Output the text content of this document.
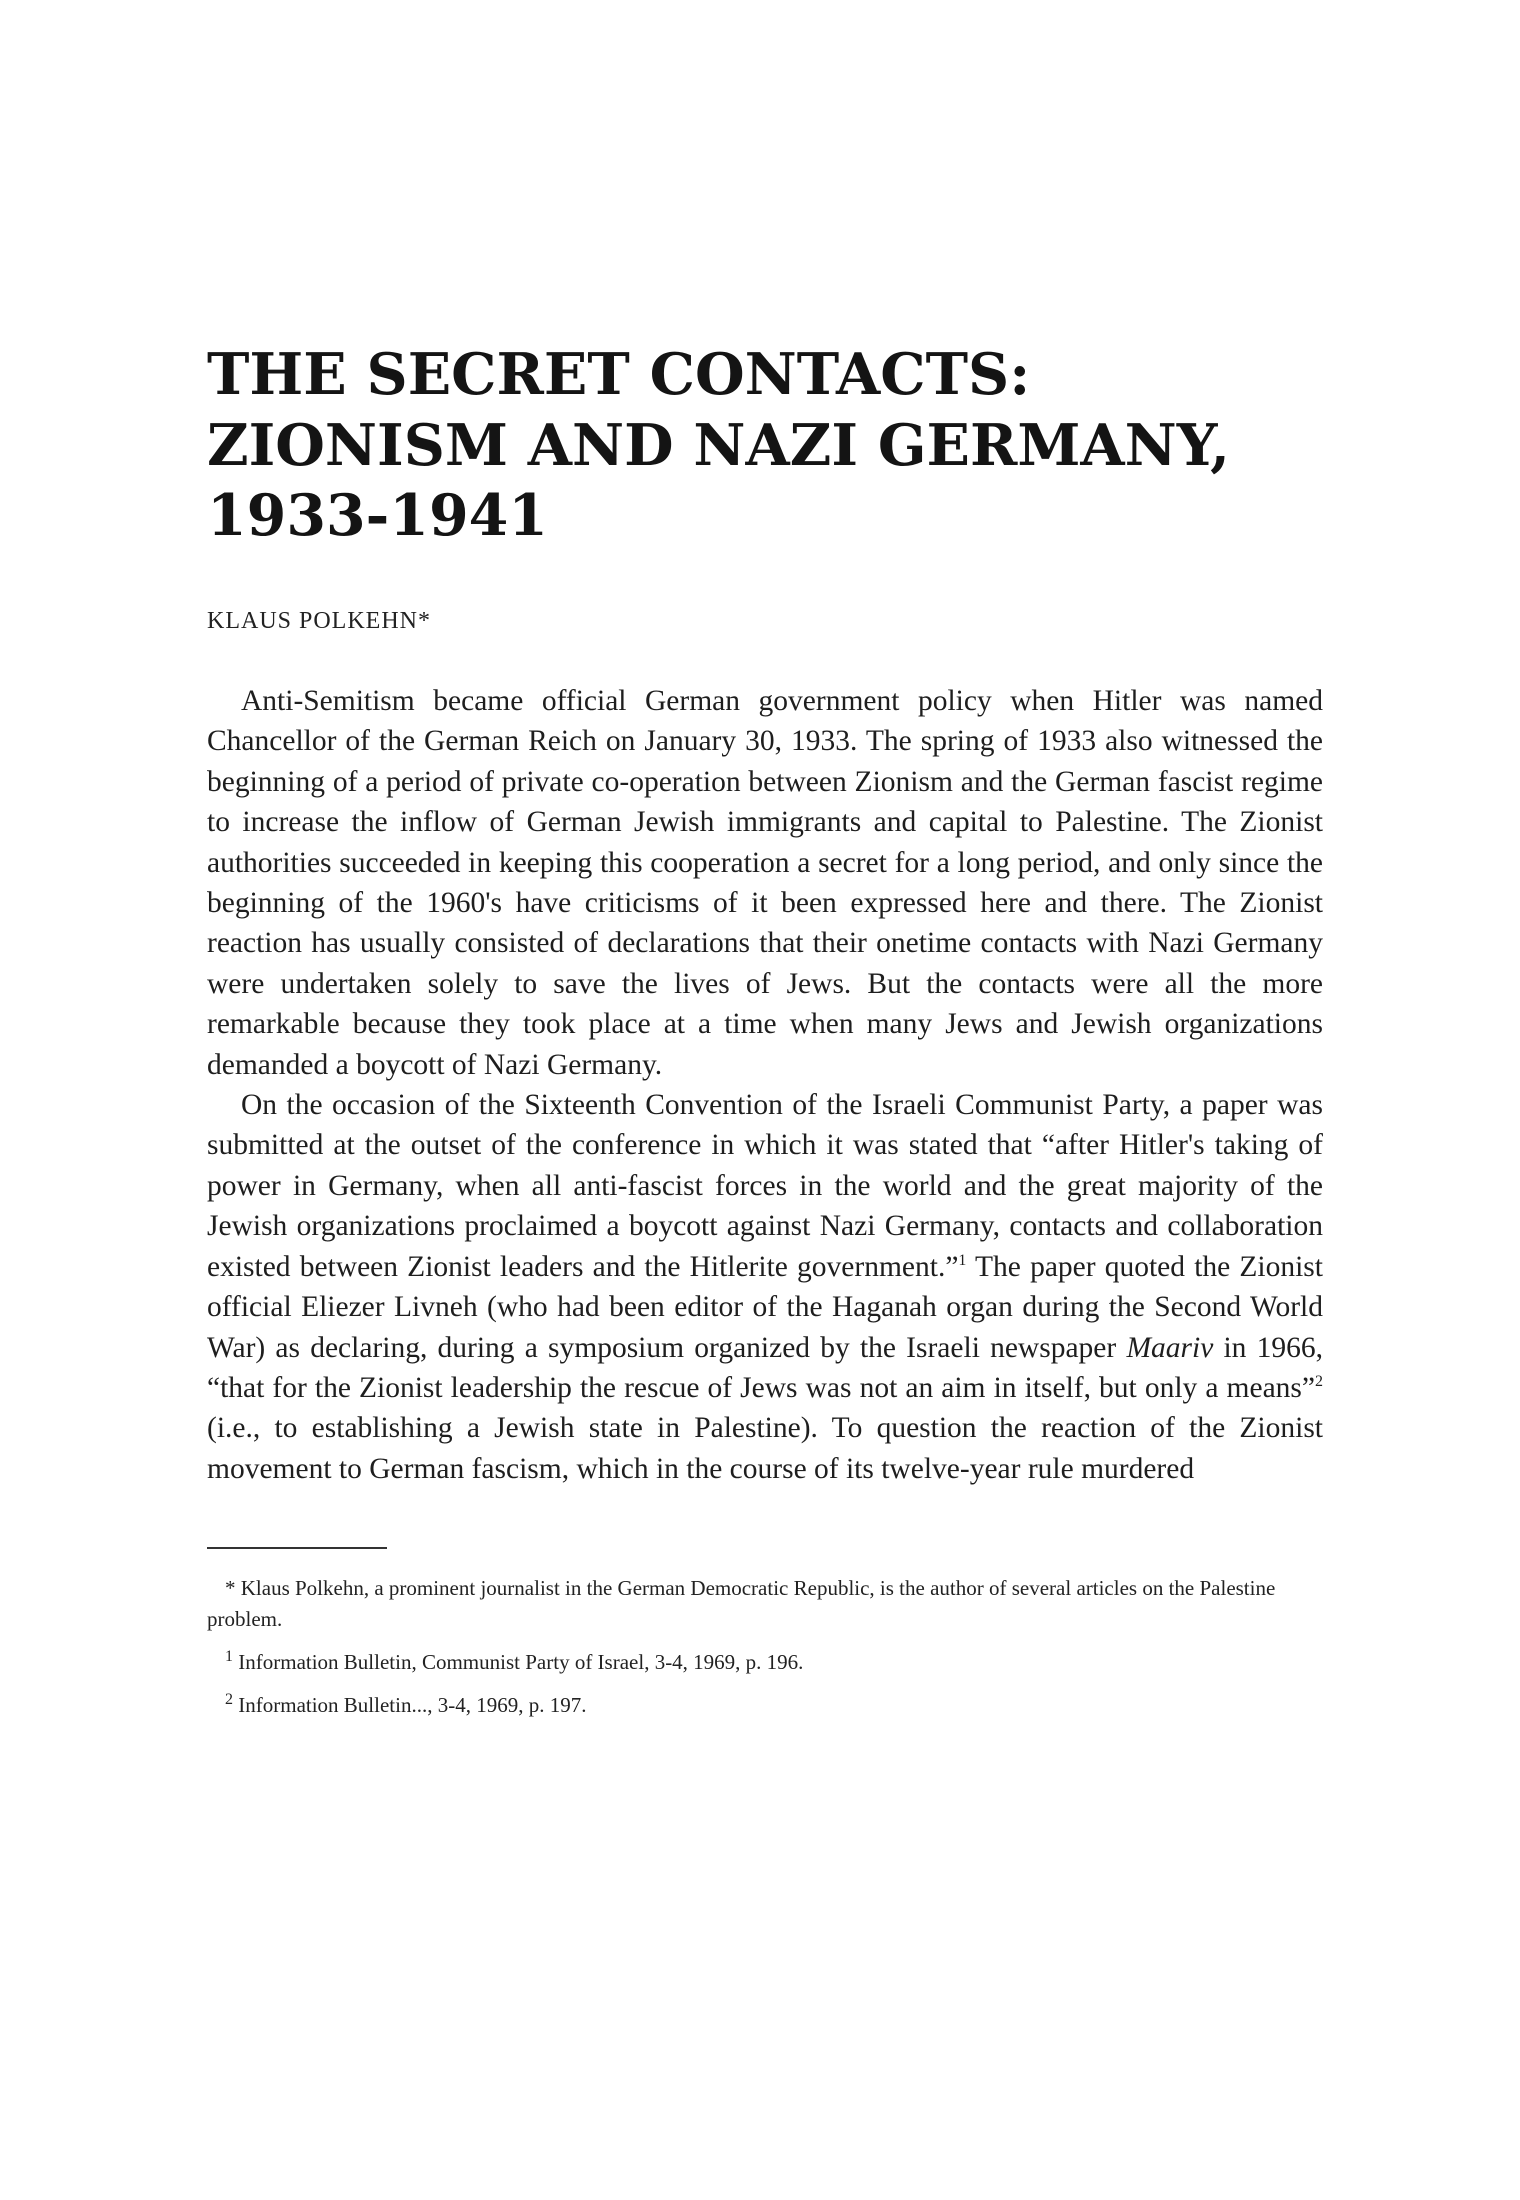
THE SECRET CONTACTS:
ZIONISM AND NAZI GERMANY,
1933-1941
KLAUS POLKEHN*

Anti-Semitism became official German government policy when Hitler was named Chancellor of the German Reich on January 30, 1933. The spring of 1933 also witnessed the beginning of a period of private co-operation between Zionism and the German fascist regime to increase the inflow of German Jewish immigrants and capital to Palestine. The Zionist authorities succeeded in keeping this cooperation a secret for a long period, and only since the beginning of the 1960's have criticisms of it been expressed here and there. The Zionist reaction has usually consisted of declarations that their onetime contacts with Nazi Germany were undertaken solely to save the lives of Jews. But the contacts were all the more remarkable because they took place at a time when many Jews and Jewish organizations demanded a boycott of Nazi Germany.

On the occasion of the Sixteenth Convention of the Israeli Communist Party, a paper was submitted at the outset of the conference in which it was stated that “after Hitler's taking of power in Germany, when all anti-fascist forces in the world and the great majority of the Jewish organizations proclaimed a boycott against Nazi Germany, contacts and collaboration existed between Zionist leaders and the Hitlerite government.”$^1$ The paper quoted the Zionist official Eliezer Livneh (who had been editor of the Haganah organ during the Second World War) as declaring, during a symposium organized by the Israeli newspaper Maariv in 1966, “that for the Zionist leadership the rescue of Jews was not an aim in itself, but only a means”$^2$ (i.e., to establishing a Jewish state in Palestine). To question the reaction of the Zionist movement to German fascism, which in the course of its twelve-year rule murdered

* Klaus Polkehn, a prominent journalist in the German Democratic Republic, is the author of several articles on the Palestine problem.

$^1$ Information Bulletin, Communist Party of Israel, 3-4, 1969, p. 196.

$^2$ Information Bulletin..., 3-4, 1969, p. 197.
